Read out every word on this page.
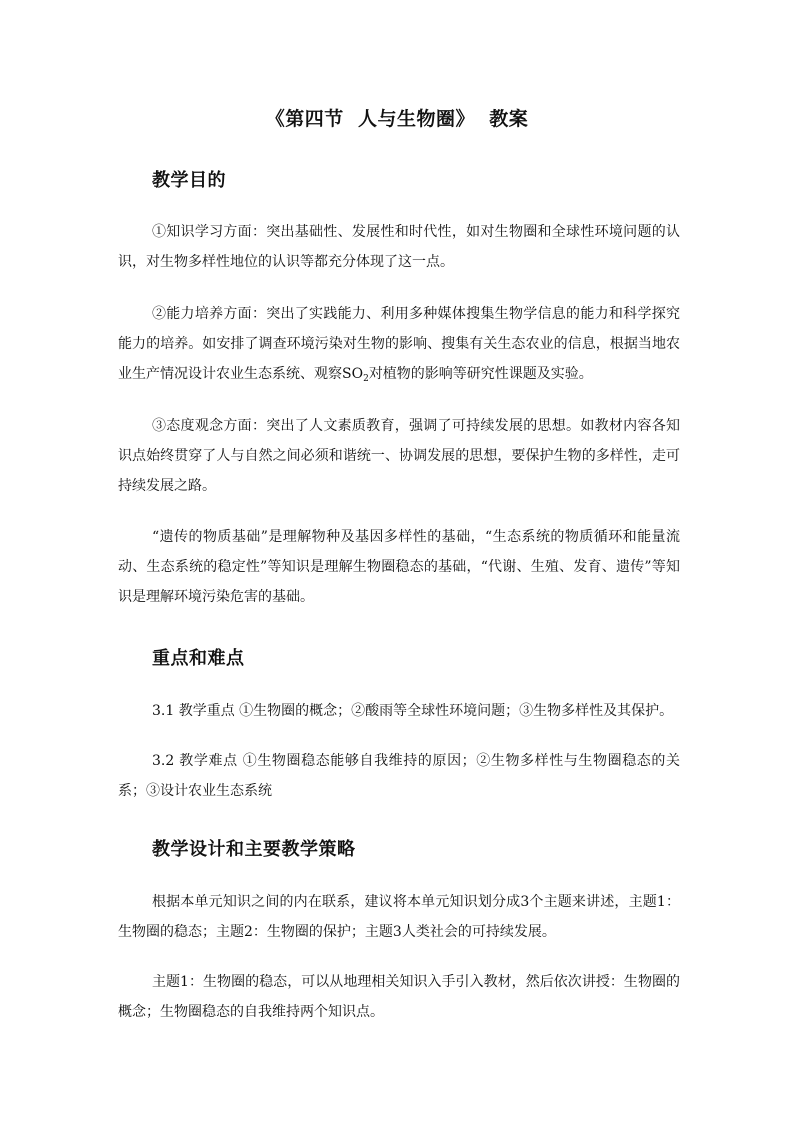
《第四节  人与生物圈》  教案
教学目的
①知识学习方面：突出基础性、发展性和时代性，如对生物圈和全球性环境问题的认识，对生物多样性地位的认识等都充分体现了这一点。
②能力培养方面：突出了实践能力、利用多种媒体搜集生物学信息的能力和科学探究能力的培养。如安排了调查环境污染对生物的影响、搜集有关生态农业的信息，根据当地农业生产情况设计农业生态系统、观察$SO_2$对植物的影响等研究性课题及实验。
③态度观念方面：突出了人文素质教育，强调了可持续发展的思想。如教材内容各知识点始终贯穿了人与自然之间必须和谐统一、协调发展的思想，要保护生物的多样性，走可持续发展之路。
“遗传的物质基础”是理解物种及基因多样性的基础，“生态系统的物质循环和能量流动、生态系统的稳定性”等知识是理解生物圈稳态的基础，“代谢、生殖、发育、遗传”等知识是理解环境污染危害的基础。
重点和难点
3.1 教学重点 ①生物圈的概念；②酸雨等全球性环境问题；③生物多样性及其保护。
3.2 教学难点 ①生物圈稳态能够自我维持的原因；②生物多样性与生物圈稳态的关系；③设计农业生态系统
教学设计和主要教学策略
根据本单元知识之间的内在联系，建议将本单元知识划分成3个主题来讲述，主题1：生物圈的稳态；主题2：生物圈的保护；主题3人类社会的可持续发展。
主题1：生物圈的稳态，可以从地理相关知识入手引入教材，然后依次讲授：生物圈的概念；生物圈稳态的自我维持两个知识点。
